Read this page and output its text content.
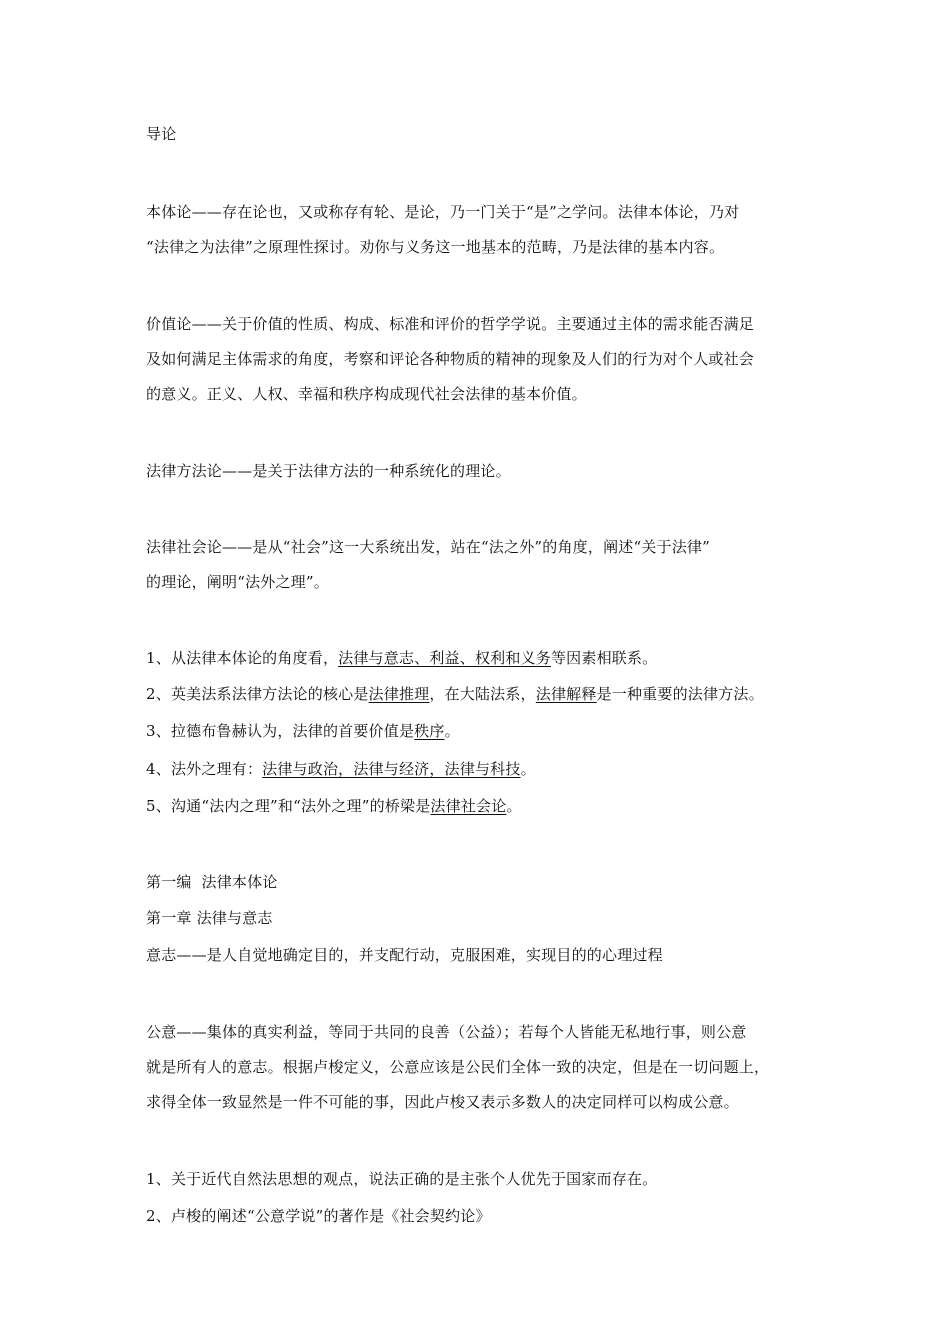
导论
本体论——存在论也，又或称存有轮、是论，乃一门关于“是”之学问。法律本体论，乃对
“法律之为法律”之原理性探讨。劝你与义务这一地基本的范畴，乃是法律的基本内容。
价值论——关于价值的性质、构成、标准和评价的哲学学说。主要通过主体的需求能否满足
及如何满足主体需求的角度，考察和评论各种物质的精神的现象及人们的行为对个人或社会
的意义。正义、人权、幸福和秩序构成现代社会法律的基本价值。
法律方法论——是关于法律方法的一种系统化的理论。
法律社会论——是从“社会”这一大系统出发，站在“法之外”的角度，阐述“关于法律”
的理论，阐明“法外之理”。
1、从法律本体论的角度看，法律与意志、利益、权利和义务等因素相联系。
2、英美法系法律方法论的核心是法律推理，在大陆法系，法律解释是一种重要的法律方法。
3、拉德布鲁赫认为，法律的首要价值是秩序。
4、法外之理有：法律与政治，法律与经济，法律与科技。
5、沟通“法内之理”和“法外之理”的桥梁是法律社会论。
第一编  法律本体论
第一章 法律与意志
意志——是人自觉地确定目的，并支配行动，克服困难，实现目的的心理过程
公意——集体的真实利益，等同于共同的良善（公益）；若每个人皆能无私地行事，则公意
就是所有人的意志。根据卢梭定义，公意应该是公民们全体一致的决定，但是在一切问题上，
求得全体一致显然是一件不可能的事，因此卢梭又表示多数人的决定同样可以构成公意。
1、关于近代自然法思想的观点，说法正确的是主张个人优先于国家而存在。
2、卢梭的阐述“公意学说”的著作是《社会契约论》
